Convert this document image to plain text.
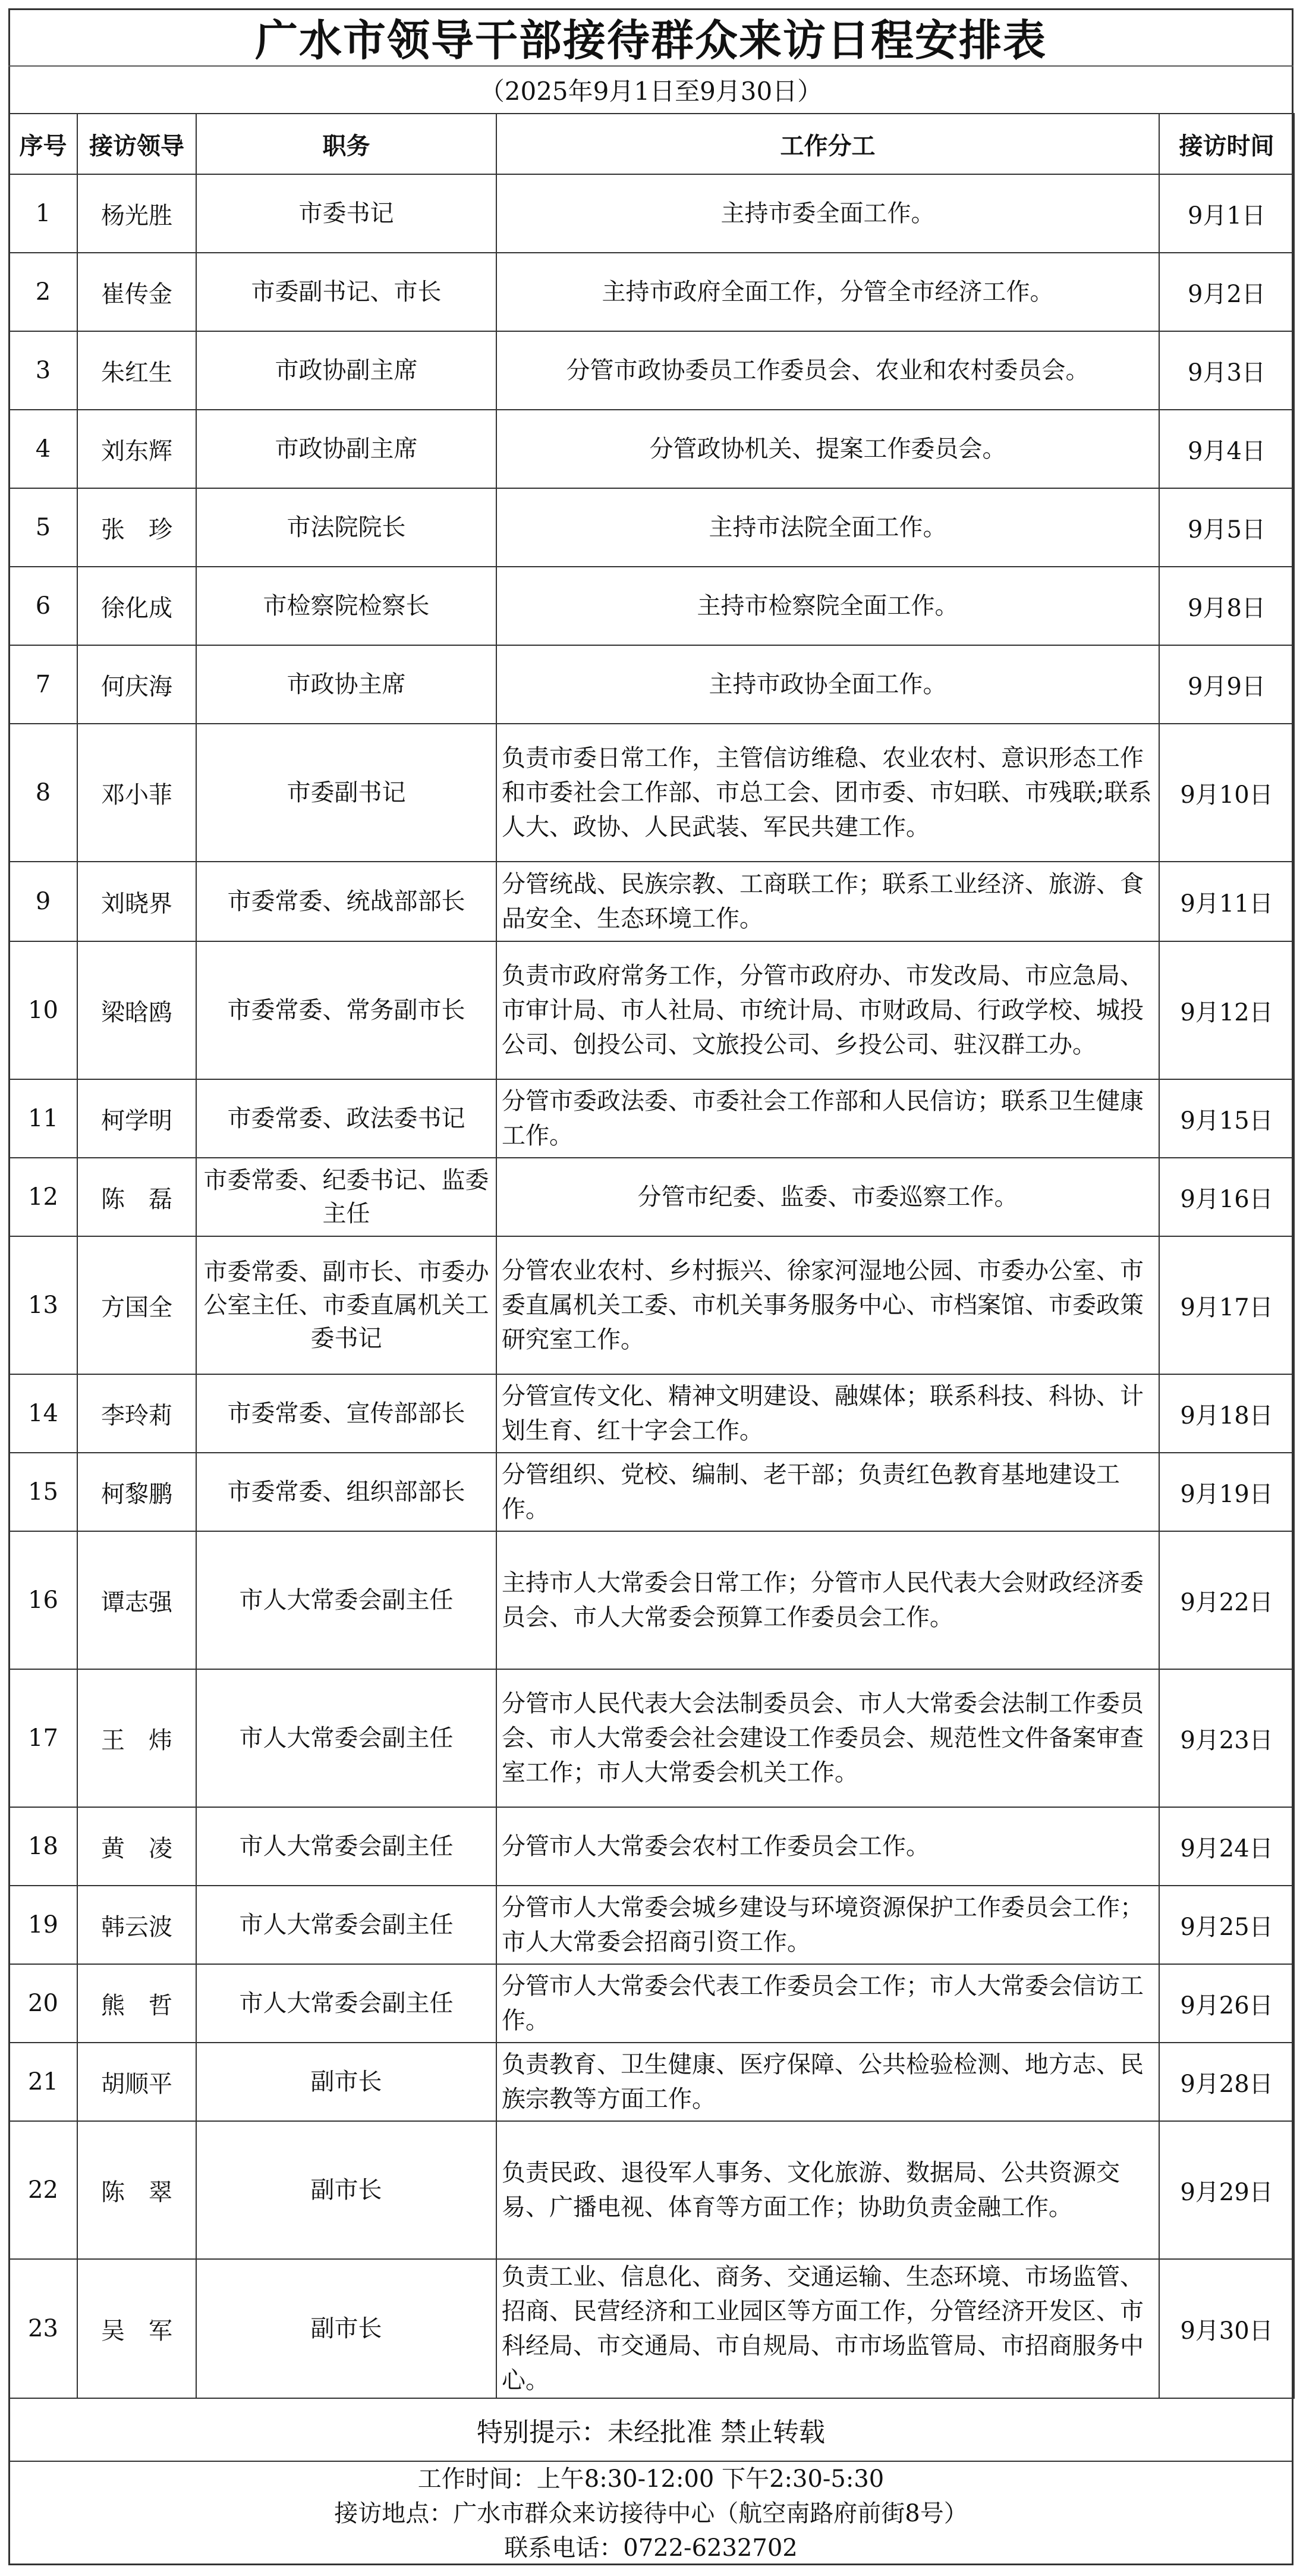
广水市领导干部接待群众来访日程安排表
（2025年9月1日至9月30日）
序号	接访领导	职务	工作分工	接访时间
1	杨光胜	市委书记	主持市委全面工作。	9月1日
2	崔传金	市委副书记、市长	主持市政府全面工作，分管全市经济工作。	9月2日
3	朱红生	市政协副主席	分管市政协委员工作委员会、农业和农村委员会。	9月3日
4	刘东辉	市政协副主席	分管政协机关、提案工作委员会。	9月4日
5	张　珍	市法院院长	主持市法院全面工作。	9月5日
6	徐化成	市检察院检察长	主持市检察院全面工作。	9月8日
7	何庆海	市政协主席	主持市政协全面工作。	9月9日
8	邓小菲	市委副书记	负责市委日常工作，主管信访维稳、农业农村、意识形态工作和市委社会工作部、市总工会、团市委、市妇联、市残联;联系人大、政协、人民武装、军民共建工作。	9月10日
9	刘晓界	市委常委、统战部部长	分管统战、民族宗教、工商联工作；联系工业经济、旅游、食品安全、生态环境工作。	9月11日
10	梁晗鸥	市委常委、常务副市长	负责市政府常务工作，分管市政府办、市发改局、市应急局、市审计局、市人社局、市统计局、市财政局、行政学校、城投公司、创投公司、文旅投公司、乡投公司、驻汉群工办。	9月12日
11	柯学明	市委常委、政法委书记	分管市委政法委、市委社会工作部和人民信访；联系卫生健康工作。	9月15日
12	陈　磊	市委常委、纪委书记、监委主任	分管市纪委、监委、市委巡察工作。	9月16日
13	方国全	市委常委、副市长、市委办公室主任、市委直属机关工委书记	分管农业农村、乡村振兴、徐家河湿地公园、市委办公室、市委直属机关工委、市机关事务服务中心、市档案馆、市委政策研究室工作。	9月17日
14	李玲莉	市委常委、宣传部部长	分管宣传文化、精神文明建设、融媒体；联系科技、科协、计划生育、红十字会工作。	9月18日
15	柯黎鹏	市委常委、组织部部长	分管组织、党校、编制、老干部；负责红色教育基地建设工作。	9月19日
16	谭志强	市人大常委会副主任	主持市人大常委会日常工作；分管市人民代表大会财政经济委员会、市人大常委会预算工作委员会工作。	9月22日
17	王　炜	市人大常委会副主任	分管市人民代表大会法制委员会、市人大常委会法制工作委员会、市人大常委会社会建设工作委员会、规范性文件备案审查室工作；市人大常委会机关工作。	9月23日
18	黄　凌	市人大常委会副主任	分管市人大常委会农村工作委员会工作。	9月24日
19	韩云波	市人大常委会副主任	分管市人大常委会城乡建设与环境资源保护工作委员会工作；市人大常委会招商引资工作。	9月25日
20	熊　哲	市人大常委会副主任	分管市人大常委会代表工作委员会工作；市人大常委会信访工作。	9月26日
21	胡顺平	副市长	负责教育、卫生健康、医疗保障、公共检验检测、地方志、民族宗教等方面工作。	9月28日
22	陈　翠	副市长	负责民政、退役军人事务、文化旅游、数据局、公共资源交易、广播电视、体育等方面工作；协助负责金融工作。	9月29日
23	吴　军	副市长	负责工业、信息化、商务、交通运输、生态环境、市场监管、招商、民营经济和工业园区等方面工作，分管经济开发区、市科经局、市交通局、市自规局、市市场监管局、市招商服务中心。	9月30日
特别提示：未经批准 禁止转载
工作时间：上午8:30-12:00 下午2:30-5:30
接访地点：广水市群众来访接待中心（航空南路府前街8号）
联系电话：0722-6232702
